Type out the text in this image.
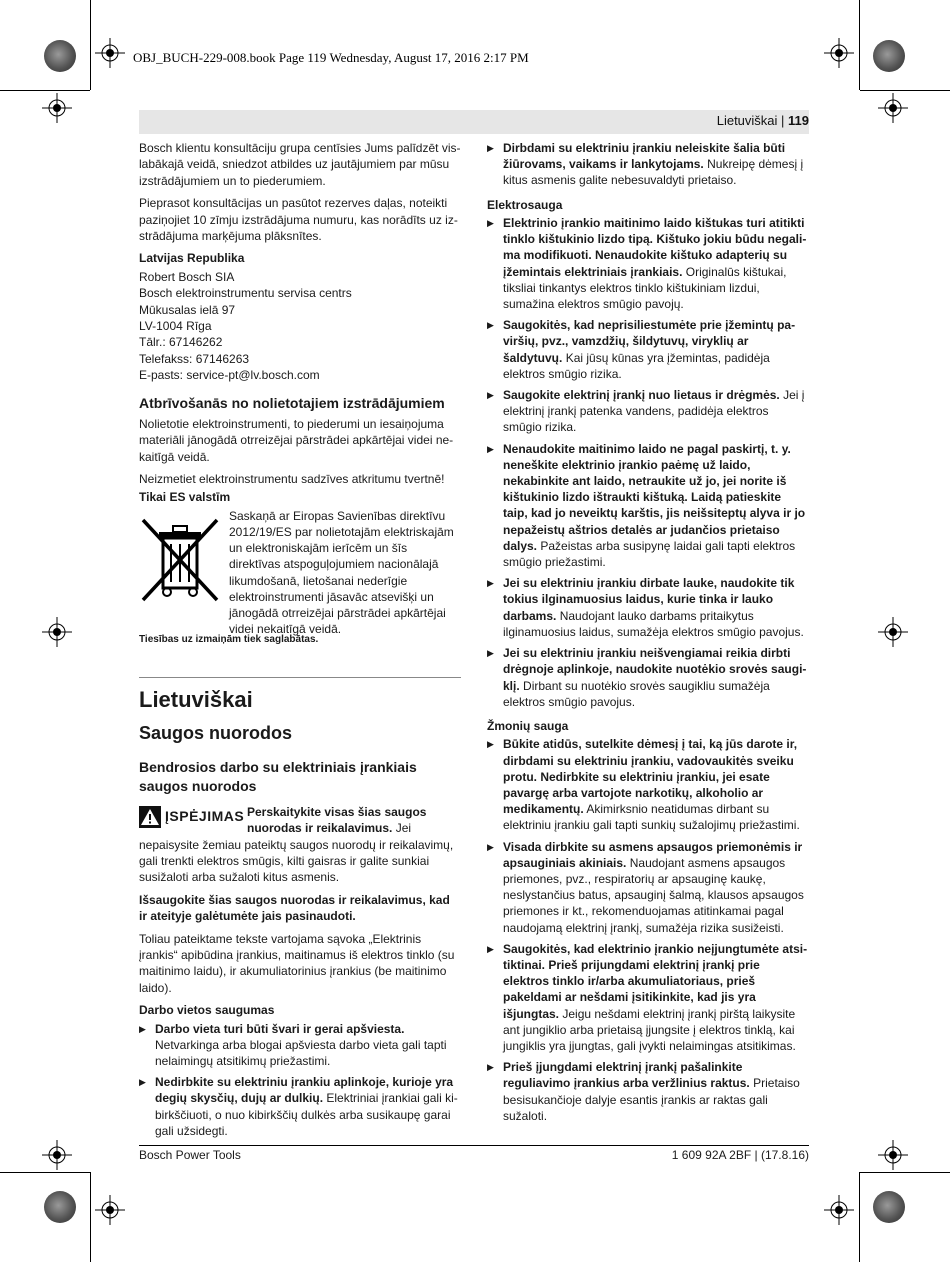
OBJ_BUCH-229-008.book Page 119 Wednesday, August 17, 2016 2:17 PM
Lietuviškai | 119

Bosch klientu konsultāciju grupa centīsies Jums palīdzēt vislabākajā veidā, sniedzot atbildes uz jautājumiem par mūsu izstrādājumiem un to piederumiem.

Pieprasot konsultācijas un pasūtot rezerves daļas, noteikti paziņojiet 10 zīmju izstrādājuma numuru, kas norādīts uz izstrādājuma marķējuma plāksnītes.

Latvijas Republika
Robert Bosch SIA
Bosch elektroinstrumentu servisa centrs
Mūkusalas ielā 97
LV-1004 Rīga
Tālr.: 67146262
Telefakss: 67146263
E-pasts: service-pt@lv.bosch.com
Atbrīvošanās no nolietotajiem izstrādājumiem

Nolietotie elektroinstrumenti, to piederumi un iesaiņojuma materiāli jānogādā otrreizējai pārstrādei apkārtējai videi nekaitīgā veidā.

Neizmetiet elektroinstrumentu sadzīves atkritumu tvertnē!

Tikai ES valstīm
Saskaņā ar Eiropas Savienības direktīvu 2012/19/ES par nolietotajām elektriskajām un elektroniskajām ierīcēm un šīs direktīvas atspoguļojumiem nacionālajā likumdošanā, lietošanai nederīgie elektroinstrumenti jāsavāc atsevišķi un jānogādā otrreizējai pārstrādei apkārtējai videi nekaitīgā veidā.
Tiesības uz izmaiņām tiek saglabātas.
Lietuviškai
Saugos nuorodos
Bendrosios darbo su elektriniais įrankiais saugos nuorodos
ĮSPĖJIMAS Perskaitykite visas šias saugos nuorodas ir reikalavimus. Jei nepaisysite žemiau pateiktų saugos nuorodų ir reikalavimų, gali trenkti elektros smūgis, kilti gaisras ir galite sunkiai susižaloti arba sužaloti kitus asmenis.

Išsaugokite šias saugos nuorodas ir reikalavimus, kad ir ateityje galėtumėte jais pasinaudoti.

Toliau pateiktame tekste vartojama sąvoka „Elektrinis įrankis“ apibūdina įrankius, maitinamus iš elektros tinklo (su maitinimo laidu), ir akumuliatorinius įrankius (be maitinimo laido).

Darbo vietos saugumas
▶ Darbo vieta turi būti švari ir gerai apšviesta. Netvarkinga arba blogai apšviesta darbo vieta gali tapti nelaimingų atsitikimų priežastimi.
▶ Nedirbkite su elektriniu įrankiu aplinkoje, kurioje yra degių skysčių, dujų ar dulkių. Elektriniai įrankiai gali kibirkščiuoti, o nuo kibirkščių dulkės arba susikaupę garai gali užsidegti.
▶ Dirbdami su elektriniu įrankiu neleiskite šalia būti žiūrovams, vaikams ir lankytojams. Nukreipę dėmesį į kitus asmenis galite nebesuvaldyti prietaiso.
Elektrosauga
▶ Elektrinio įrankio maitinimo laido kištukas turi atitikti tinklo kištukinio lizdo tipą. Kištuko jokiu būdu negalima modifikuoti. Nenaudokite kištuko adapterių su įžemintais elektriniais įrankiais. Originalūs kištukai, tiksliai tinkantys elektros tinklo kištukiniam lizdui, sumažina elektros smūgio pavojų.
▶ Saugokitės, kad neprisiliestumėte prie įžemintų paviršių, pvz., vamzdžių, šildytuvų, viryklių ar šaldytuvų. Kai jūsų kūnas yra įžemintas, padidėja elektros smūgio rizika.
▶ Saugokite elektrinį įrankį nuo lietaus ir drėgmės. Jei į elektrinį įrankį patenka vandens, padidėja elektros smūgio rizika.
▶ Nenaudokite maitinimo laido ne pagal paskirtį, t. y. neneškite elektrinio įrankio paėmę už laido, nekabinkite ant laido, netraukite už jo, jei norite iš kištukinio lizdo ištraukti kištuką. Laidą patieskite taip, kad jo neveiktų karštis, jis neišsiteptų alyva ir jo nepažeistų aštrios detalės ar judančios prietaiso dalys. Pažeistas arba susipynę laidai gali tapti elektros smūgio priežastimi.
▶ Jei su elektriniu įrankiu dirbate lauke, naudokite tik tokius ilginamuosius laidus, kurie tinka ir lauko darbams. Naudojant lauko darbams pritaikytus ilginamuosius laidus, sumažėja elektros smūgio pavojus.
▶ Jei su elektriniu įrankiu neišvengiamai reikia dirbti drėgnoje aplinkoje, naudokite nuotėkio srovės saugiklį. Dirbant su nuotėkio srovės saugikliu sumažėja elektros smūgio pavojus.
Žmonių sauga
▶ Būkite atidūs, sutelkite dėmesį į tai, ką jūs darote ir, dirbdami su elektriniu įrankiu, vadovaukitės sveiku protu. Nedirbkite su elektriniu įrankiu, jei esate pavargę arba vartojote narkotikų, alkoholio ar medikamentų. Akimirksnio neatidumas dirbant su elektriniu įrankiu gali tapti sunkių sužalojimų priežastimi.
▶ Visada dirbkite su asmens apsaugos priemonėmis ir apsauginiais akiniais. Naudojant asmens apsaugos priemones, pvz., respiratorių ar apsauginę kaukę, neslystančius batus, apsauginį šalmą, klausos apsaugos priemones ir kt., rekomenduojamas atitinkamai pagal naudojamą elektrinį įrankį, sumažėja rizika susižeisti.
▶ Saugokitės, kad elektrinio įrankio neįjungtumėte atsitiktinai. Prieš prijungdami elektrinį įrankį prie elektros tinklo ir/arba akumuliatoriaus, prieš pakeldami ar nešdami įsitikinkite, kad jis yra išjungtas. Jeigu nešdami elektrinį įrankį pirštą laikysite ant jungiklio arba prietaisą įjungsite į elektros tinklą, kai jungiklis yra įjungtas, gali įvykti nelaimingas atsitikimas.
▶ Prieš įjungdami elektrinį įrankį pašalinkite reguliavimo įrankius arba veržlinius raktus. Prietaiso besisukančioje dalyje esantis įrankis ar raktas gali sužaloti.
Bosch Power Tools	1 609 92A 2BF | (17.8.16)
